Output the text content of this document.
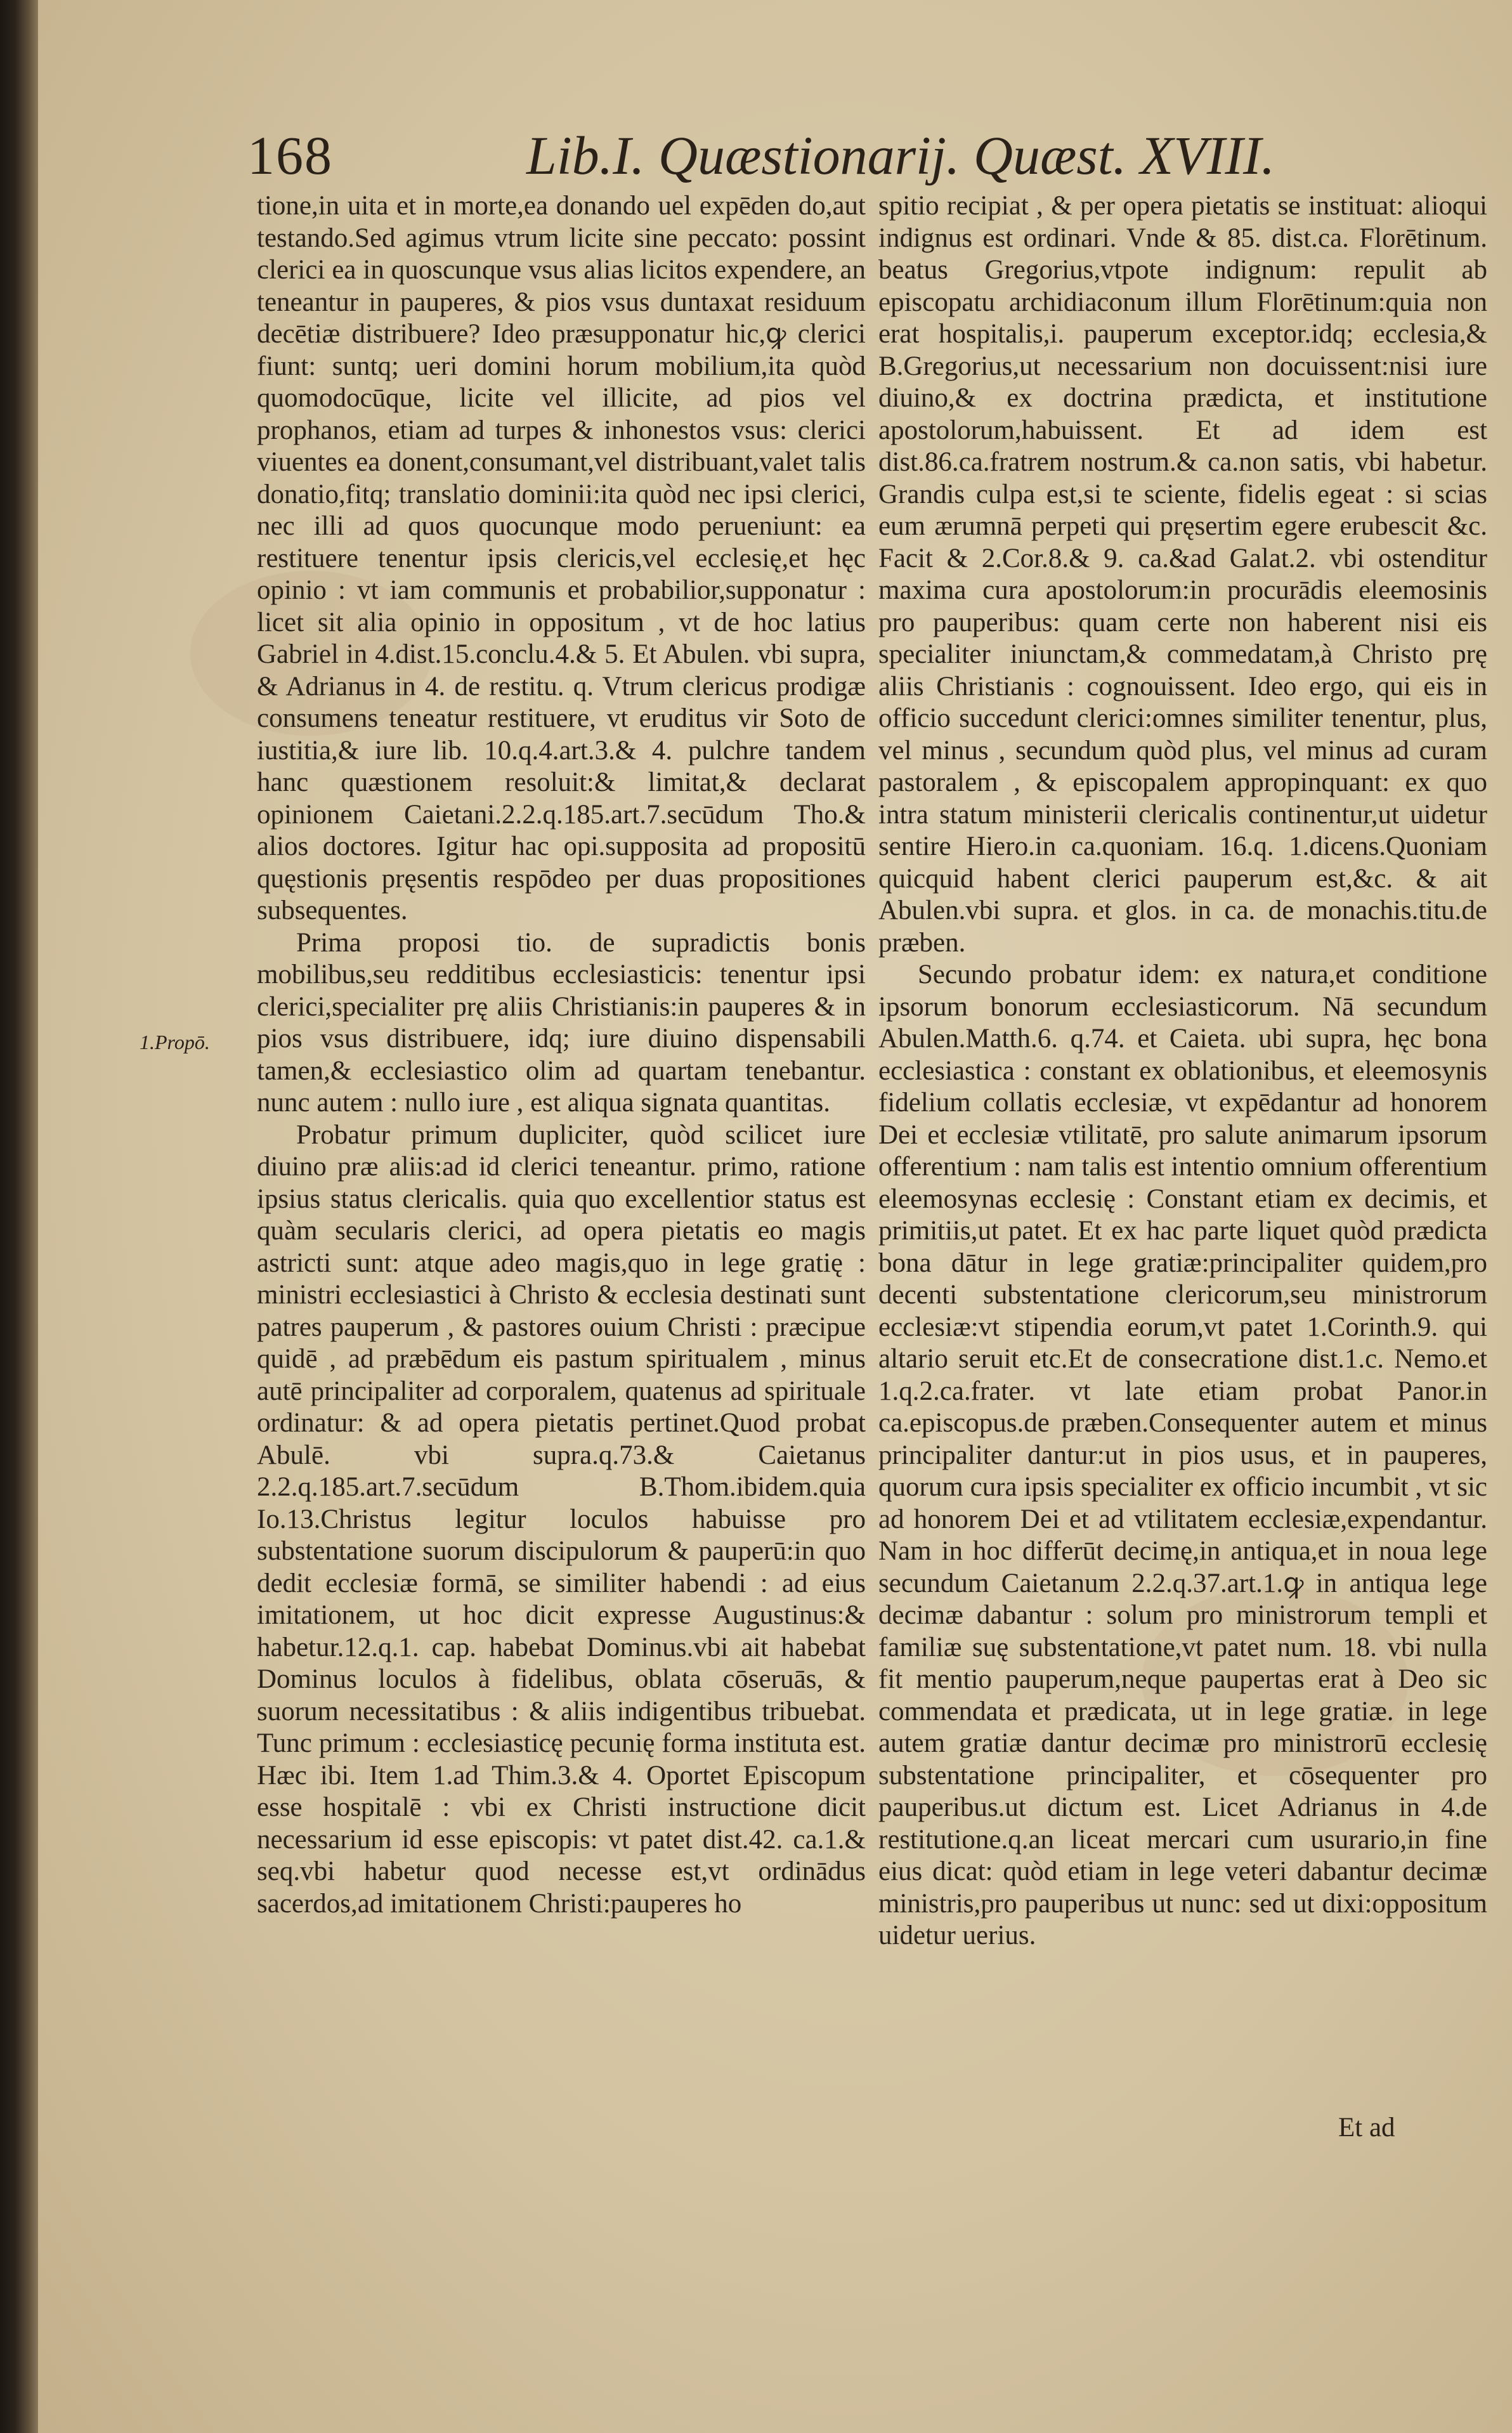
168	Lib.I. Quæstionarij. Quæst. XVIII.

tione,in uita et in morte,ea donando uel expēden do,aut testando.Sed agimus vtrum licite sine peccato: possint clerici ea in quoscunque vsus alias licitos expendere, an teneantur in pauperes, & pios vsus duntaxat residuum decētiæ distribuere? Ideo præsupponatur hic,ꝙ clerici fiunt: suntq; ueri domini horum mobilium,ita quòd quomodocūque, licite vel illicite, ad pios vel prophanos, etiam ad turpes & inhonestos vsus: clerici viuentes ea donent,consumant,vel distribuant,valet talis donatio,fitq; translatio dominii:ita quòd nec ipsi clerici, nec illi ad quos quocunque modo perueniunt: ea restituere tenentur ipsis clericis,vel ecclesię,et hęc opinio : vt iam communis et probabilior,supponatur : licet sit alia opinio in oppositum , vt de hoc latius Gabriel in 4.dist.15.conclu.4.& 5. Et Abulen. vbi supra, & Adrianus in 4. de restitu. q. Vtrum clericus prodigæ consumens teneatur restituere, vt eruditus vir Soto de iustitia,& iure lib. 10.q.4.art.3.& 4. pulchre tandem hanc quæstionem resoluit:& limitat,& declarat opinionem Caietani.2.2.q.185.art.7.secūdum Tho.& alios doctores. Igitur hac opi.supposita ad propositū quęstionis pręsentis respōdeo per duas propositiones subsequentes.

Prima proposi tio. de supradictis bonis mobilibus,seu redditibus ecclesiasticis: tenentur ipsi clerici,specialiter prę aliis Christianis:in pauperes & in pios vsus distribuere, idq; iure diuino dispensabili tamen,& ecclesiastico olim ad quartam tenebantur. nunc autem : nullo iure , est aliqua signata quantitas.

Probatur primum dupliciter, quòd scilicet iure diuino præ aliis:ad id clerici teneantur. primo, ratione ipsius status clericalis. quia quo excellentior status est quàm secularis clerici, ad opera pietatis eo magis astricti sunt: atque adeo magis,quo in lege gratię : ministri ecclesiastici à Christo & ecclesia destinati sunt patres pauperum , & pastores ouium Christi : præcipue quidē , ad præbēdum eis pastum spiritualem , minus autē principaliter ad corporalem, quatenus ad spirituale ordinatur: & ad opera pietatis pertinet.Quod probat Abulē. vbi supra.q.73.& Caietanus 2.2.q.185.art.7.secūdum B.Thom.ibidem.quia Io.13.Christus legitur loculos habuisse pro substentatione suorum discipulorum & pauperū:in quo dedit ecclesiæ formā, se similiter habendi : ad eius imitationem, ut hoc dicit expresse Augustinus:& habetur.12.q.1. cap. habebat Dominus.vbi ait habebat Dominus loculos à fidelibus, oblata cōseruās, & suorum necessitatibus : & aliis indigentibus tribuebat. Tunc primum : ecclesiasticę pecunię forma instituta est. Hæc ibi. Item 1.ad Thim.3.& 4. Oportet Episcopum esse hospitalē : vbi ex Christi instructione dicit necessarium id esse episcopis: vt patet dist.42. ca.1.& seq.vbi habetur quod necesse est,vt ordinādus sacerdos,ad imitationem Christi:pauperes ho

1.Propō.

spitio recipiat , & per opera pietatis se instituat: alioqui indignus est ordinari. Vnde & 85. dist.ca. Florētinum. beatus Gregorius,vtpote indignum: repulit ab episcopatu archidiaconum illum Florētinum:quia non erat hospitalis,i. pauperum exceptor.idq; ecclesia,& B.Gregorius,ut necessarium non docuissent:nisi iure diuino,& ex doctrina prædicta, et institutione apostolorum,habuissent. Et ad idem est dist.86.ca.fratrem nostrum.& ca.non satis, vbi habetur. Grandis culpa est,si te sciente, fidelis egeat : si scias eum ærumnā perpeti qui pręsertim egere erubescit &c. Facit & 2.Cor.8.& 9. ca.&ad Galat.2. vbi ostenditur maxima cura apostolorum:in procurādis eleemosinis pro pauperibus: quam certe non haberent nisi eis specialiter iniunctam,& commedatam,à Christo prę aliis Christianis : cognouissent. Ideo ergo, qui eis in officio succedunt clerici:omnes similiter tenentur, plus, vel minus , secundum quòd plus, vel minus ad curam pastoralem , & episcopalem appropinquant: ex quo intra statum ministerii clericalis continentur,ut uidetur sentire Hiero.in ca.quoniam. 16.q. 1.dicens.Quoniam quicquid habent clerici pauperum est,&c. & ait Abulen.vbi supra. et glos. in ca. de monachis.titu.de præben.

Secundo probatur idem: ex natura,et conditione ipsorum bonorum ecclesiasticorum. Nā secundum Abulen.Matth.6. q.74. et Caieta. ubi supra, hęc bona ecclesiastica : constant ex oblationibus, et eleemosynis fidelium collatis ecclesiæ, vt expēdantur ad honorem Dei et ecclesiæ vtilitatē, pro salute animarum ipsorum offerentium : nam talis est intentio omnium offerentium eleemosynas ecclesię : Constant etiam ex decimis, et primitiis,ut patet. Et ex hac parte liquet quòd prædicta bona dātur in lege gratiæ:principaliter quidem,pro decenti substentatione clericorum,seu ministrorum ecclesiæ:vt stipendia eorum,vt patet 1.Corinth.9. qui altario seruit etc.Et de consecratione dist.1.c. Nemo.et 1.q.2.ca.frater. vt late etiam probat Panor.in ca.episcopus.de præben.Consequenter autem et minus principaliter dantur:ut in pios usus, et in pauperes, quorum cura ipsis specialiter ex officio incumbit , vt sic ad honorem Dei et ad vtilitatem ecclesiæ,expendantur. Nam in hoc differūt decimę,in antiqua,et in noua lege secundum Caietanum 2.2.q.37.art.1.ꝙ in antiqua lege decimæ dabantur : solum pro ministrorum templi et familiæ suę substentatione,vt patet num. 18. vbi nulla fit mentio pauperum,neque paupertas erat à Deo sic commendata et prædicata, ut in lege gratiæ. in lege autem gratiæ dantur decimæ pro ministrorū ecclesię substentatione principaliter, et cōsequenter pro pauperibus.ut dictum est. Licet Adrianus in 4.de restitutione.q.an liceat mercari cum usurario,in fine eius dicat: quòd etiam in lege veteri dabantur decimæ ministris,pro pauperibus ut nunc: sed ut dixi:oppositum uidetur uerius.

Et ad
